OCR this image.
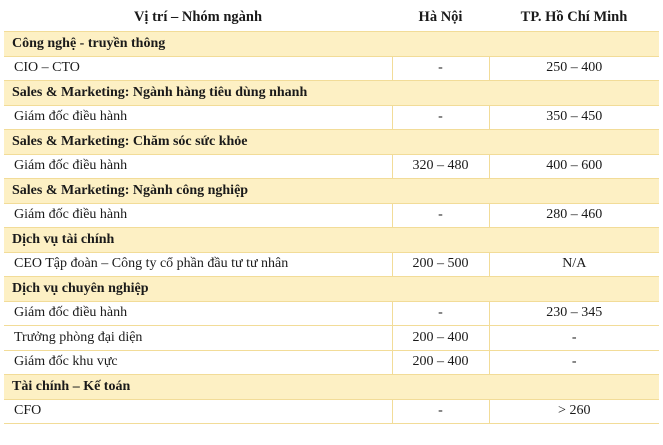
Vị trí – Nhóm ngành	Hà Nội	TP. Hồ Chí Minh
Công nghệ - truyền thông		
CIO – CTO	-	250 – 400
Sales & Marketing: Ngành hàng tiêu dùng nhanh		
Giám đốc điều hành	-	350 – 450
Sales & Marketing: Chăm sóc sức khỏe		
Giám đốc điều hành	320 – 480	400 – 600
Sales & Marketing: Ngành công nghiệp		
Giám đốc điều hành	-	280 – 460
Dịch vụ tài chính		
CEO Tập đoàn – Công ty cổ phần đầu tư tư nhân	200 – 500	N/A
Dịch vụ chuyên nghiệp		
Giám đốc điều hành	-	230 – 345
Trưởng phòng đại diện	200 – 400	-
Giám đốc khu vực	200 – 400	-
Tài chính – Kế toán		
CFO	-	> 260
